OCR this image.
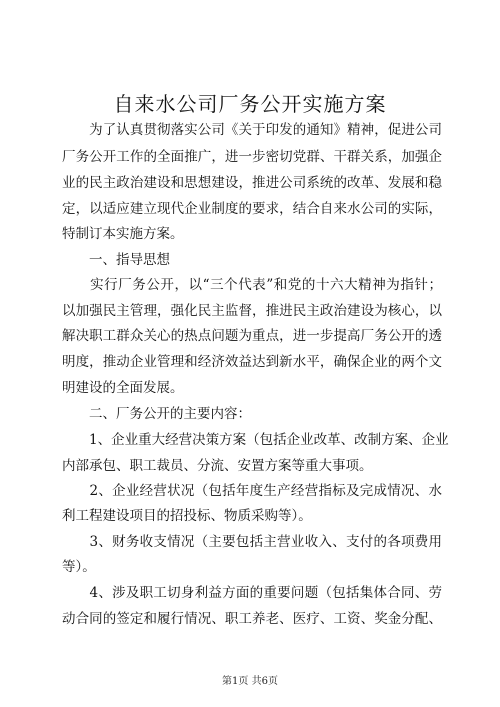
自来水公司厂务公开实施方案
　　为了认真贯彻落实公司《关于印发的通知》精神，促进公司
厂务公开工作的全面推广，进一步密切党群、干群关系，加强企
业的民主政治建设和思想建设，推进公司系统的改革、发展和稳
定，以适应建立现代企业制度的要求，结合自来水公司的实际，
特制订本实施方案。
　　一、指导思想
　　实行厂务公开，以“三个代表”和党的十六大精神为指针；
以加强民主管理，强化民主监督，推进民主政治建设为核心，以
解决职工群众关心的热点问题为重点，进一步提高厂务公开的透
明度，推动企业管理和经济效益达到新水平，确保企业的两个文
明建设的全面发展。
　　二、厂务公开的主要内容：
　　1、企业重大经营决策方案（包括企业改革、改制方案、企业
内部承包、职工裁员、分流、安置方案等重大事项。
　　2、企业经营状况（包括年度生产经营指标及完成情况、水
利工程建设项目的招投标、物质采购等）。
　　3、财务收支情况（主要包括主营业收入、支付的各项费用
等）。
　　4、涉及职工切身利益方面的重要问题（包括集体合同、劳
动合同的签定和履行情况、职工养老、医疗、工资、奖金分配、
第1页 共6页
